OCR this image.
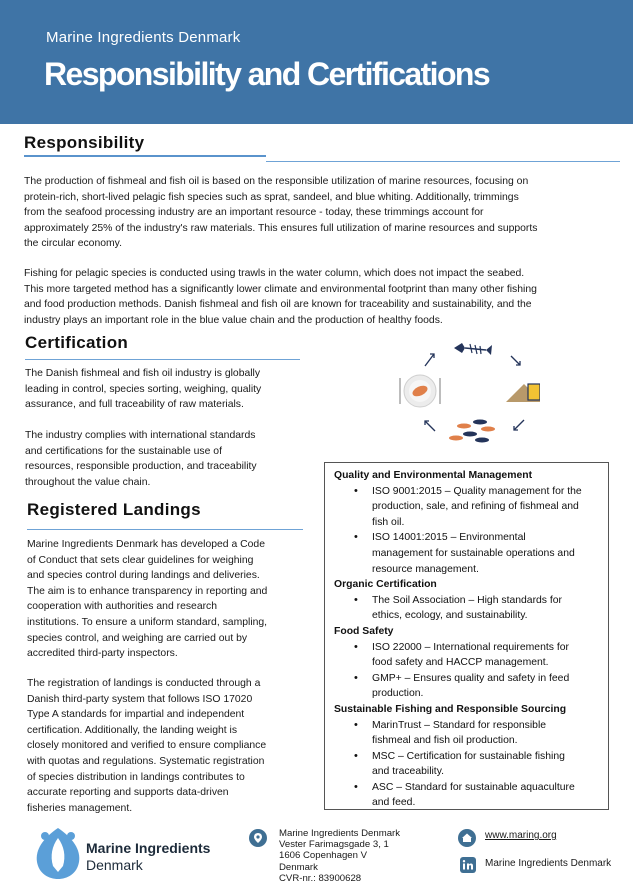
Marine Ingredients Denmark
Responsibility and Certifications
Responsibility
The production of fishmeal and fish oil is based on the responsible utilization of marine resources, focusing on
protein-rich, short-lived pelagic fish species such as sprat, sandeel, and blue whiting. Additionally, trimmings
from the seafood processing industry are an important resource - today, these trimmings account for
approximately 25% of the industry's raw materials. This ensures full utilization of marine resources and supports
the circular economy.
Fishing for pelagic species is conducted using trawls in the water column, which does not impact the seabed.
This more targeted method has a significantly lower climate and environmental footprint than many other fishing
and food production methods. Danish fishmeal and fish oil are known for traceability and sustainability, and the
industry plays an important role in the blue value chain and the production of healthy foods.
Certification
The Danish fishmeal and fish oil industry is globally
leading in control, species sorting, weighing, quality
assurance, and full traceability of raw materials.
The industry complies with international standards
and certifications for the sustainable use of
resources, responsible production, and traceability
throughout the value chain.
Registered Landings
Marine Ingredients Denmark has developed a Code
of Conduct that sets clear guidelines for weighing
and species control during landings and deliveries.
The aim is to enhance transparency in reporting and
cooperation with authorities and research
institutions. To ensure a uniform standard, sampling,
species control, and weighing are carried out by
accredited third-party inspectors.
The registration of landings is conducted through a
Danish third-party system that follows ISO 17020
Type A standards for impartial and independent
certification. Additionally, the landing weight is
closely monitored and verified to ensure compliance
with quotas and regulations. Systematic registration
of species distribution in landings contributes to
accurate reporting and supports data-driven
fisheries management.
Quality and Environmental Management
• ISO 9001:2015 – Quality management for the
production, sale, and refining of fishmeal and
fish oil.
• ISO 14001:2015 – Environmental
management for sustainable operations and
resource management.
Organic Certification
• The Soil Association – High standards for
ethics, ecology, and sustainability.
Food Safety
• ISO 22000 – International requirements for
food safety and HACCP management.
• GMP+ – Ensures quality and safety in feed
production.
Sustainable Fishing and Responsible Sourcing
• MarinTrust – Standard for responsible
fishmeal and fish oil production.
• MSC – Certification for sustainable fishing
and traceability.
• ASC – Standard for sustainable aquaculture
and feed.
Marine Ingredients
Denmark
Marine Ingredients Denmark
Vester Farimagsgade 3, 1
1606 Copenhagen V
Denmark
CVR-nr.: 83900628
www.maring.org
Marine Ingredients Denmark
